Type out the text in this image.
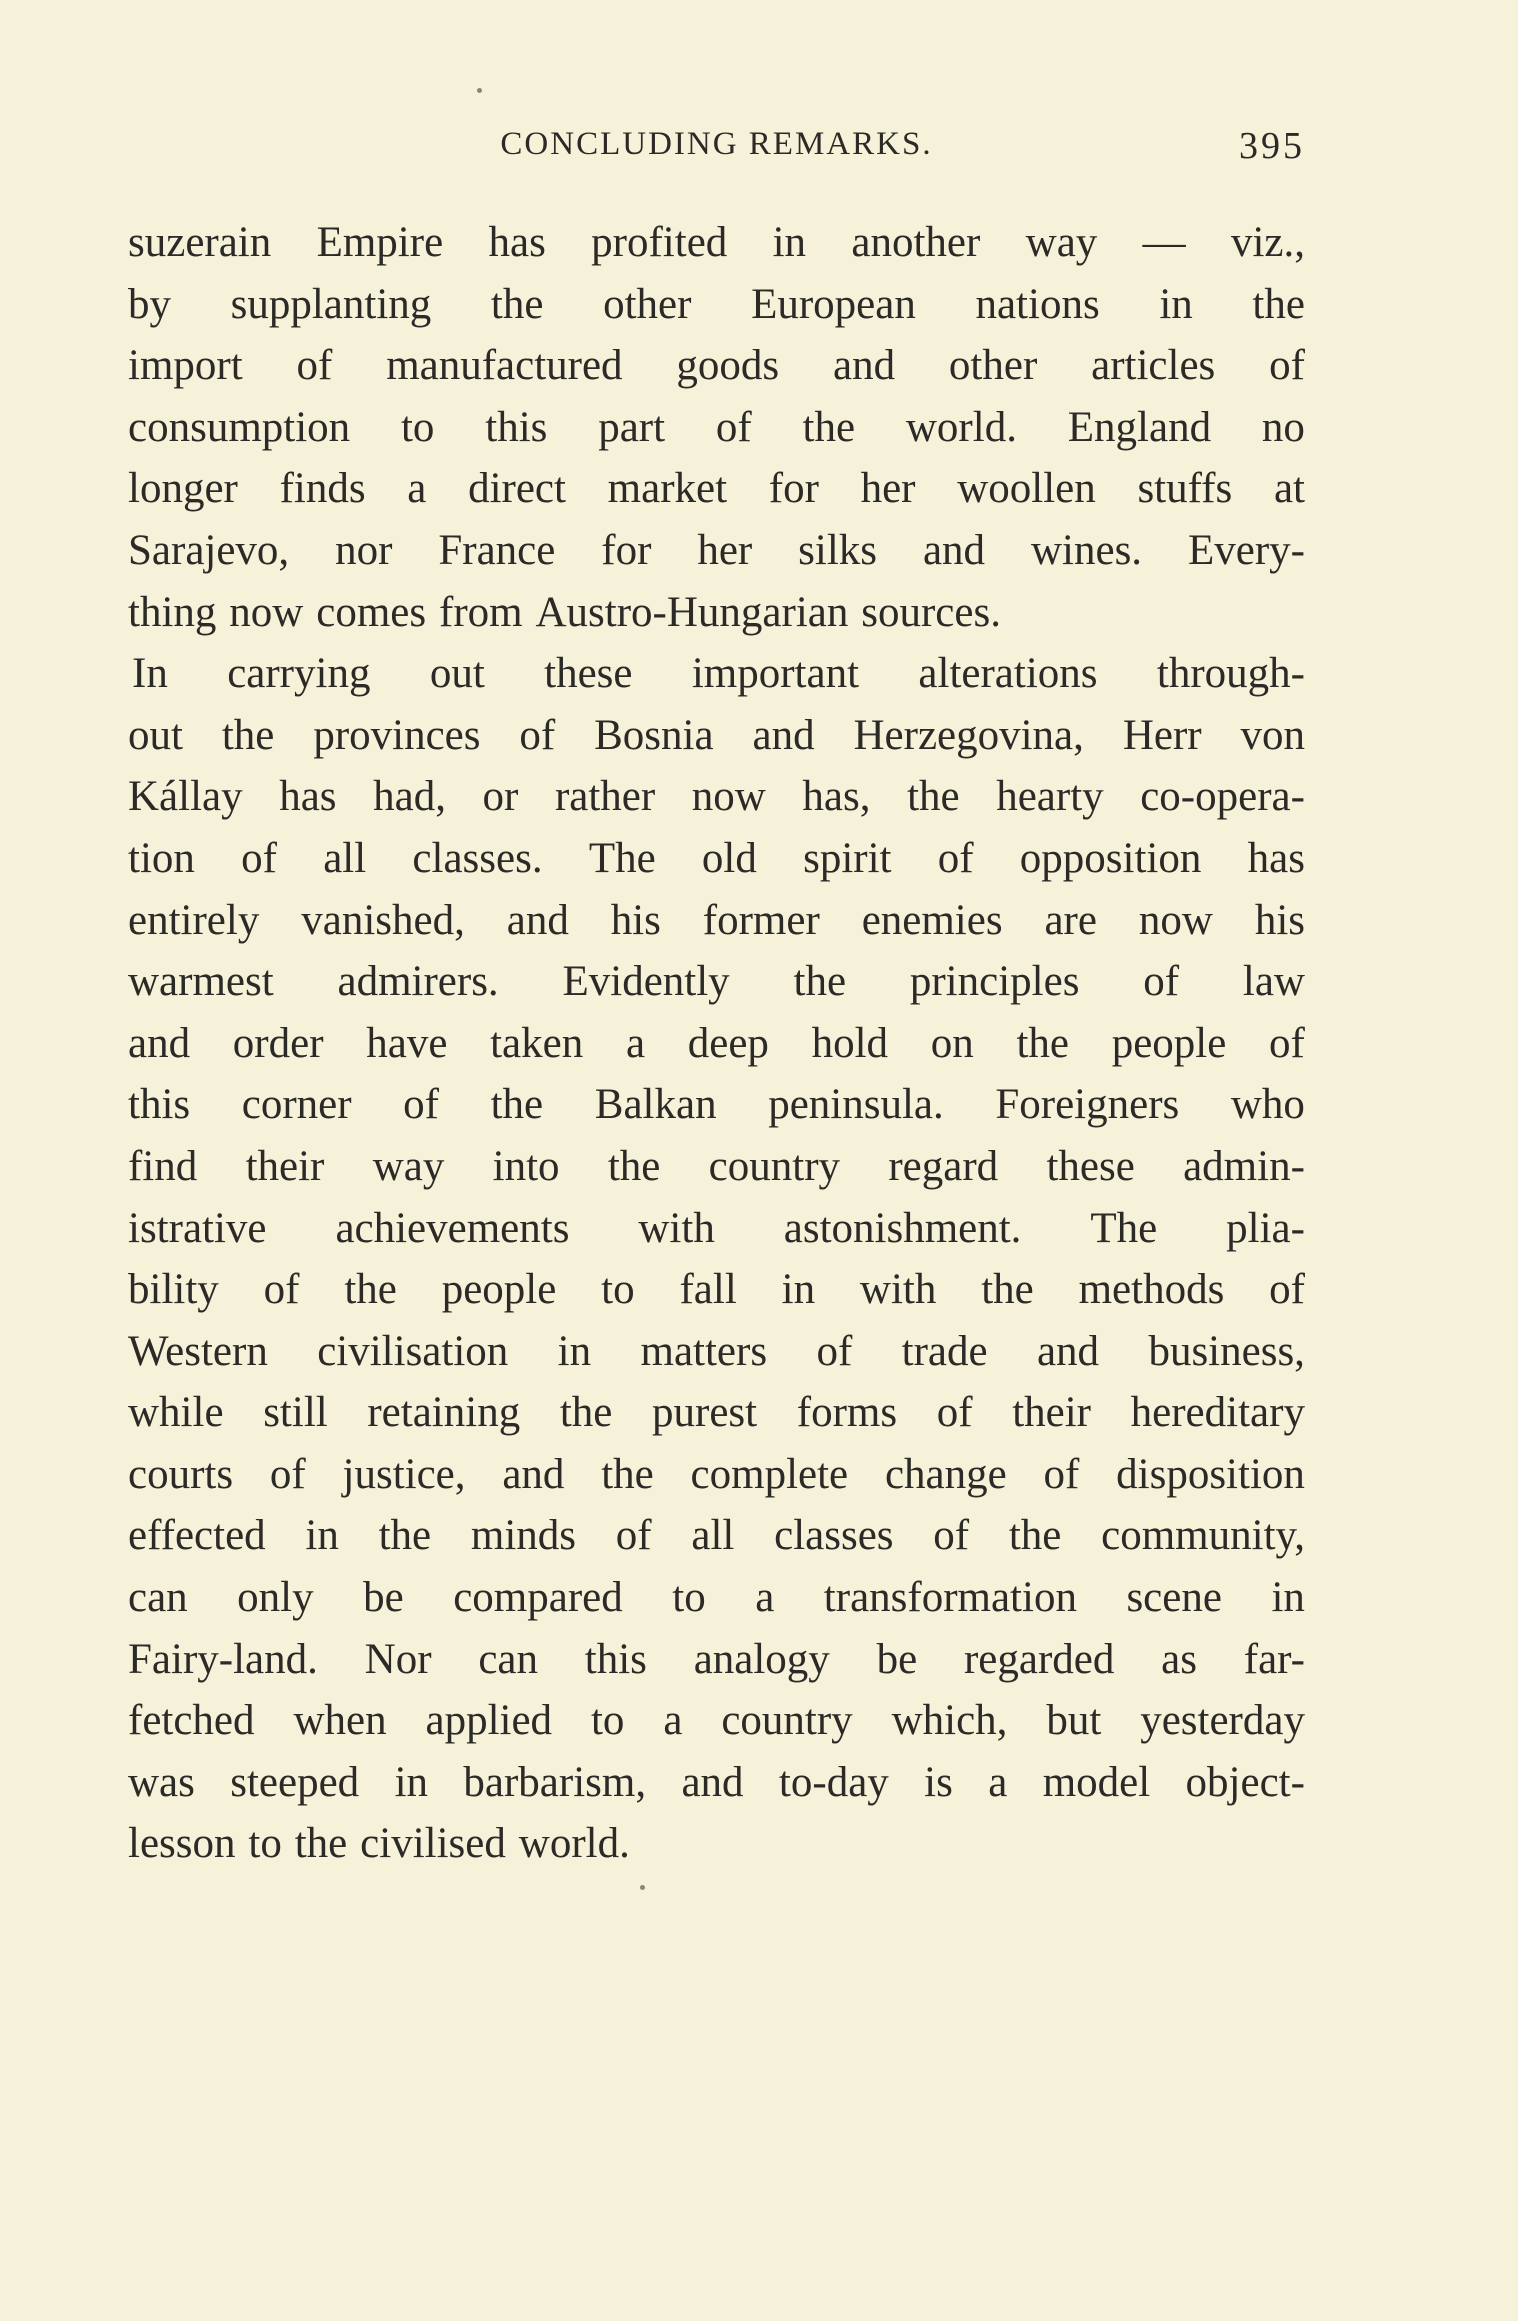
CONCLUDING REMARKS.	395
suzerain Empire has profited in another way — viz.,
by supplanting the other European nations in the
import of manufactured goods and other articles of
consumption to this part of the world. England no
longer finds a direct market for her woollen stuffs at
Sarajevo, nor France for her silks and wines. Every-
thing now comes from Austro-Hungarian sources.
In carrying out these important alterations through-
out the provinces of Bosnia and Herzegovina, Herr von
Kállay has had, or rather now has, the hearty co-opera-
tion of all classes. The old spirit of opposition has
entirely vanished, and his former enemies are now his
warmest admirers. Evidently the principles of law
and order have taken a deep hold on the people of
this corner of the Balkan peninsula. Foreigners who
find their way into the country regard these admin-
istrative achievements with astonishment. The plia-
bility of the people to fall in with the methods of
Western civilisation in matters of trade and business,
while still retaining the purest forms of their hereditary
courts of justice, and the complete change of disposition
effected in the minds of all classes of the community,
can only be compared to a transformation scene in
Fairy-land. Nor can this analogy be regarded as far-
fetched when applied to a country which, but yesterday
was steeped in barbarism, and to-day is a model object-
lesson to the civilised world.
